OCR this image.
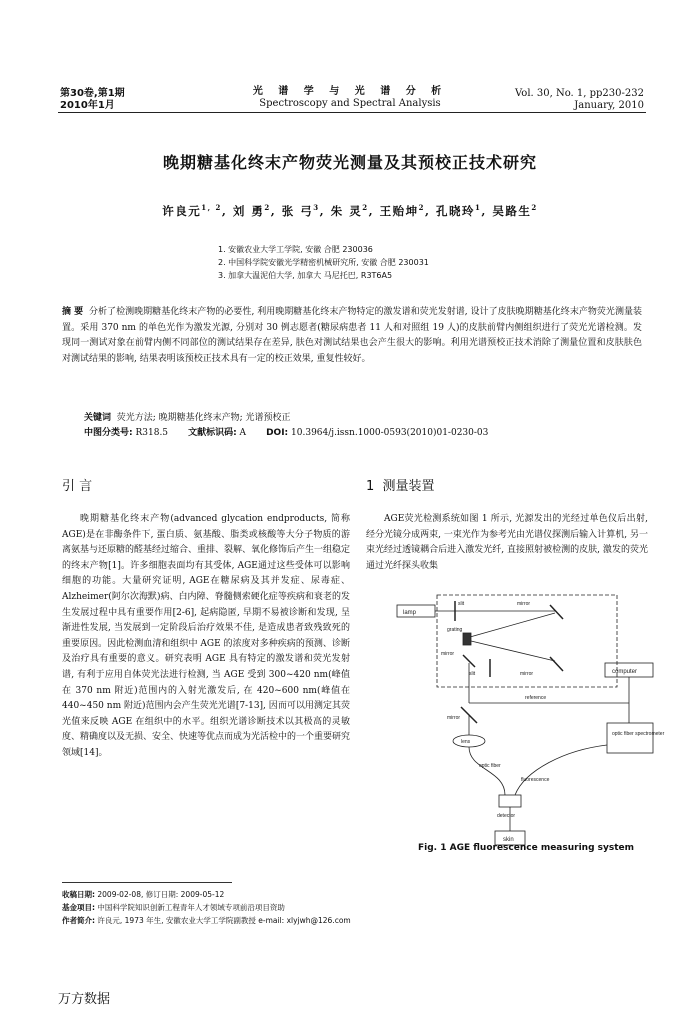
第30卷,第1期
2010年1月
光 谱 学 与 光 谱 分 析
Spectroscopy and Spectral Analysis
Vol. 30, No. 1, pp230-232
January, 2010
晚期糖基化终末产物荧光测量及其预校正技术研究
许良元$^{1, 2}$, 刘 勇$^2$, 张 弓$^3$, 朱 灵$^2$, 王贻坤$^2$, 孔晓玲$^1$, 吴路生$^2$
1. 安徽农业大学工学院, 安徽 合肥 230036
2. 中国科学院安徽光学精密机械研究所, 安徽 合肥 230031
3. 加拿大温泥伯大学, 加拿大 马尼托巴, R3T6A5
摘 要 分析了检测晚期糖基化终末产物的必要性, 利用晚期糖基化终末产物特定的激发谱和荧光发射谱, 设计了皮肤晚期糖基化终末产物荧光测量装置。采用 370 nm 的单色光作为激发光源, 分别对 30 例志愿者(糖尿病患者 11 人和对照组 19 人)的皮肤前臂内侧组织进行了荧光光谱检测。发现同一测试对象在前臂内侧不同部位的测试结果存在差异, 肤色对测试结果也会产生很大的影响。利用光谱预校正技术消除了测量位置和皮肤肤色对测试结果的影响, 结果表明该预校正技术具有一定的校正效果, 重复性较好。
关键词 荧光方法; 晚期糖基化终末产物; 光谱预校正
中图分类号: R318.5 文献标识码: A DOI: 10.3964/j.issn.1000-0593(2010)01-0230-03
引 言	1 测量装置

晚期糖基化终末产物(advanced glycation endproducts, 简称 AGE)是在非酶条件下, 蛋白质、氨基酸、脂类或核酸等大分子物质的游离氨基与还原糖的醛基经过缩合、重排、裂解、氧化修饰后产生一组稳定的终末产物[1]。许多细胞表面均有其受体, AGE通过这些受体可以影响细胞的功能。大量研究证明, AGE在糖尿病及其并发症、尿毒症、Alzheimer(阿尔次海默)病、白内障、脊髓侧索硬化症等疾病和衰老的发生发展过程中具有重要作用[2-6], 起病隐匿, 早期不易被诊断和发现, 呈渐进性发展, 当发展到一定阶段后治疗效果不佳, 是造成患者致残致死的重要原因。因此检测血清和组织中 AGE 的浓度对多种疾病的预测、诊断及治疗具有重要的意义。研究表明 AGE 具有特定的激发谱和荧光发射谱, 有利于应用自体荧光法进行检测, 当 AGE 受到 300~420 nm(峰值在 370 nm 附近)范围内的入射光激发后, 在 420~600 nm(峰值在 440~450 nm 附近)范围内会产生荧光光谱[7-13], 因而可以用测定其荧光值来反映 AGE 在组织中的水平。组织光谱诊断技术以其极高的灵敏度、精确度以及无损、安全、快速等优点而成为光活检中的一个重要研究领域[14]。

AGE荧光检测系统如图 1 所示, 光源发出的光经过单色仪后出射, 经分光镜分成两束, 一束光作为参考光由光谱仪探测后输入计算机, 另一束光经过透镜耦合后进入激发光纤, 直接照射被检测的皮肤, 激发的荧光通过光纤探头收集

lamp
slit	mirror
grating
mirror
slit	mirror	computer
reference
mirror
lens
optic fiber
optic fiber spectrometer
fluorescence
detector
skin
Fig. 1 AGE fluorescence measuring system
收稿日期: 2009-02-08, 修订日期: 2009-05-12
基金项目: 中国科学院知识创新工程青年人才领域专项前沿项目资助
作者简介: 许良元, 1973 年生, 安徽农业大学工学院副教授 e-mail: xlyjwh@126.com
万方数据
